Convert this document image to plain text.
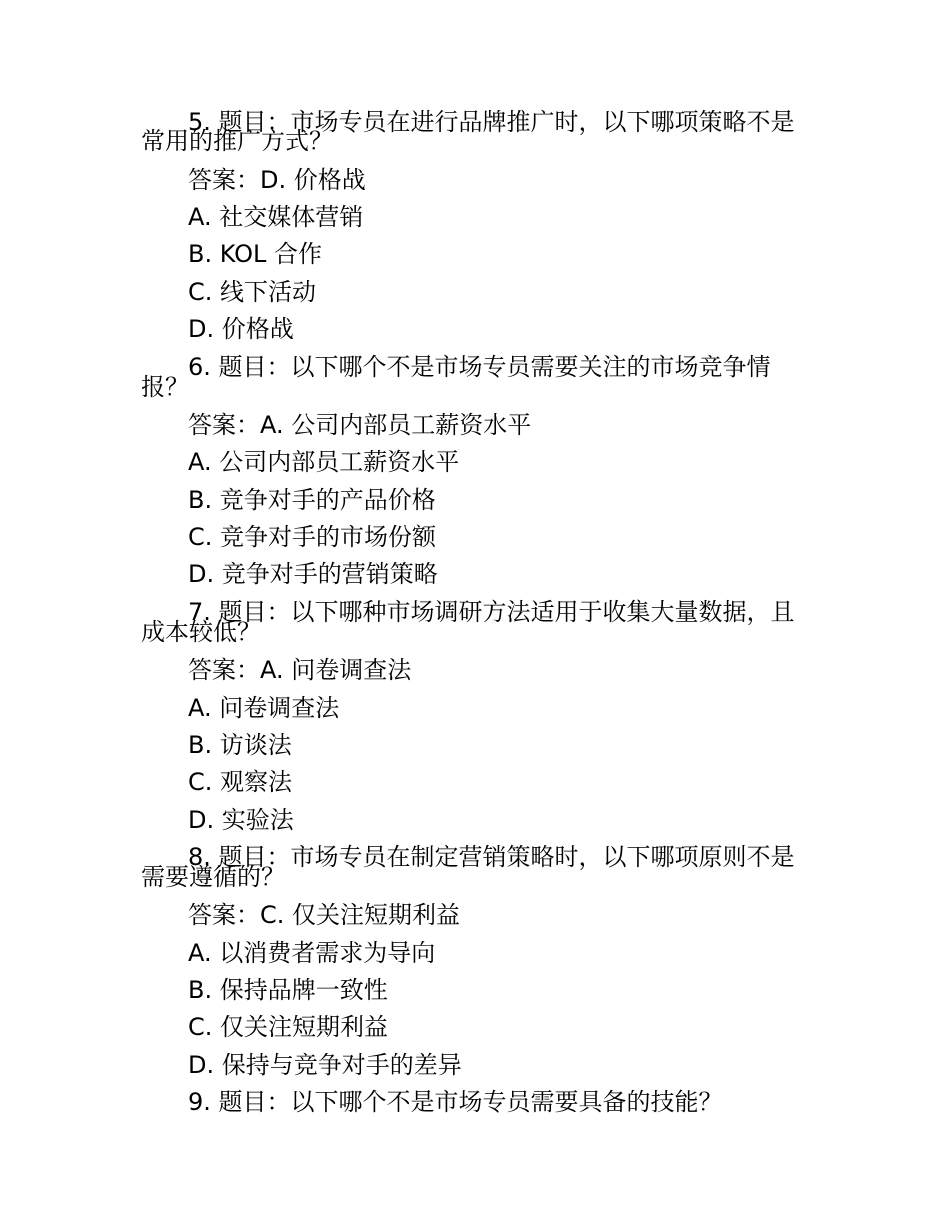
5. 题目：市场专员在进行品牌推广时，以下哪项策略不是
常用的推广方式？
答案：D. 价格战
A. 社交媒体营销
B. KOL 合作
C. 线下活动
D. 价格战
6. 题目：以下哪个不是市场专员需要关注的市场竞争情
报？
答案：A. 公司内部员工薪资水平
A. 公司内部员工薪资水平
B. 竞争对手的产品价格
C. 竞争对手的市场份额
D. 竞争对手的营销策略
7. 题目：以下哪种市场调研方法适用于收集大量数据，且
成本较低？
答案：A. 问卷调查法
A. 问卷调查法
B. 访谈法
C. 观察法
D. 实验法
8. 题目：市场专员在制定营销策略时，以下哪项原则不是
需要遵循的？
答案：C. 仅关注短期利益
A. 以消费者需求为导向
B. 保持品牌一致性
C. 仅关注短期利益
D. 保持与竞争对手的差异
9. 题目：以下哪个不是市场专员需要具备的技能？
